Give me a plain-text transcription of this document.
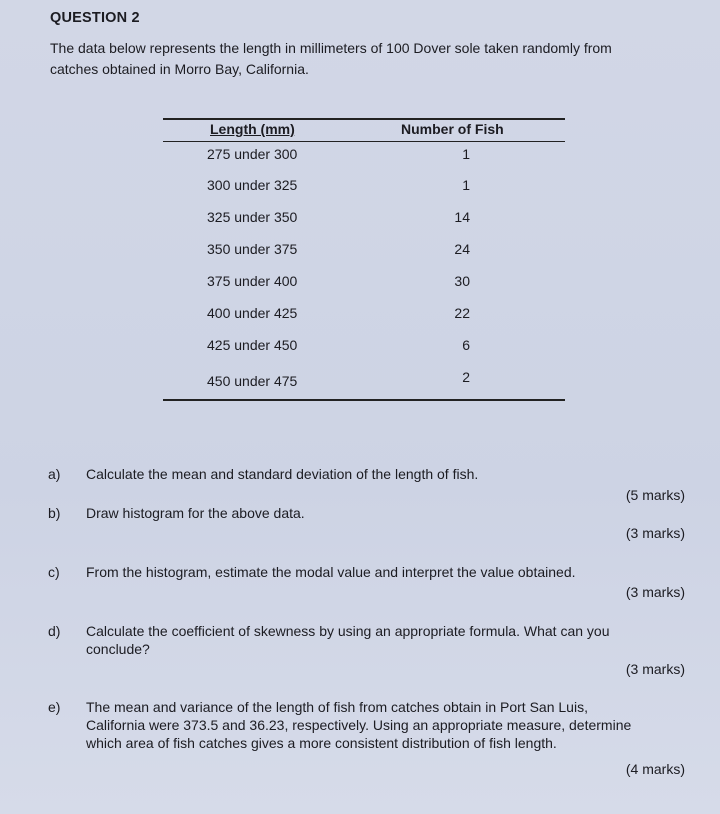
QUESTION 2
The data below represents the length in millimeters of 100 Dover sole taken randomly from
catches obtained in Morro Bay, California.
Length (mm)	Number of Fish
275 under 300	1
300 under 325	1
325 under 350	14
350 under 375	24
375 under 400	30
400 under 425	22
425 under 450	6
450 under 475	2
a) Calculate the mean and standard deviation of the length of fish.
(5 marks)
b) Draw histogram for the above data.
(3 marks)
c) From the histogram, estimate the modal value and interpret the value obtained.
(3 marks)
d) Calculate the coefficient of skewness by using an appropriate formula. What can you
conclude?
(3 marks)
e) The mean and variance of the length of fish from catches obtain in Port San Luis,
California were 373.5 and 36.23, respectively. Using an appropriate measure, determine
which area of fish catches gives a more consistent distribution of fish length.
(4 marks)
